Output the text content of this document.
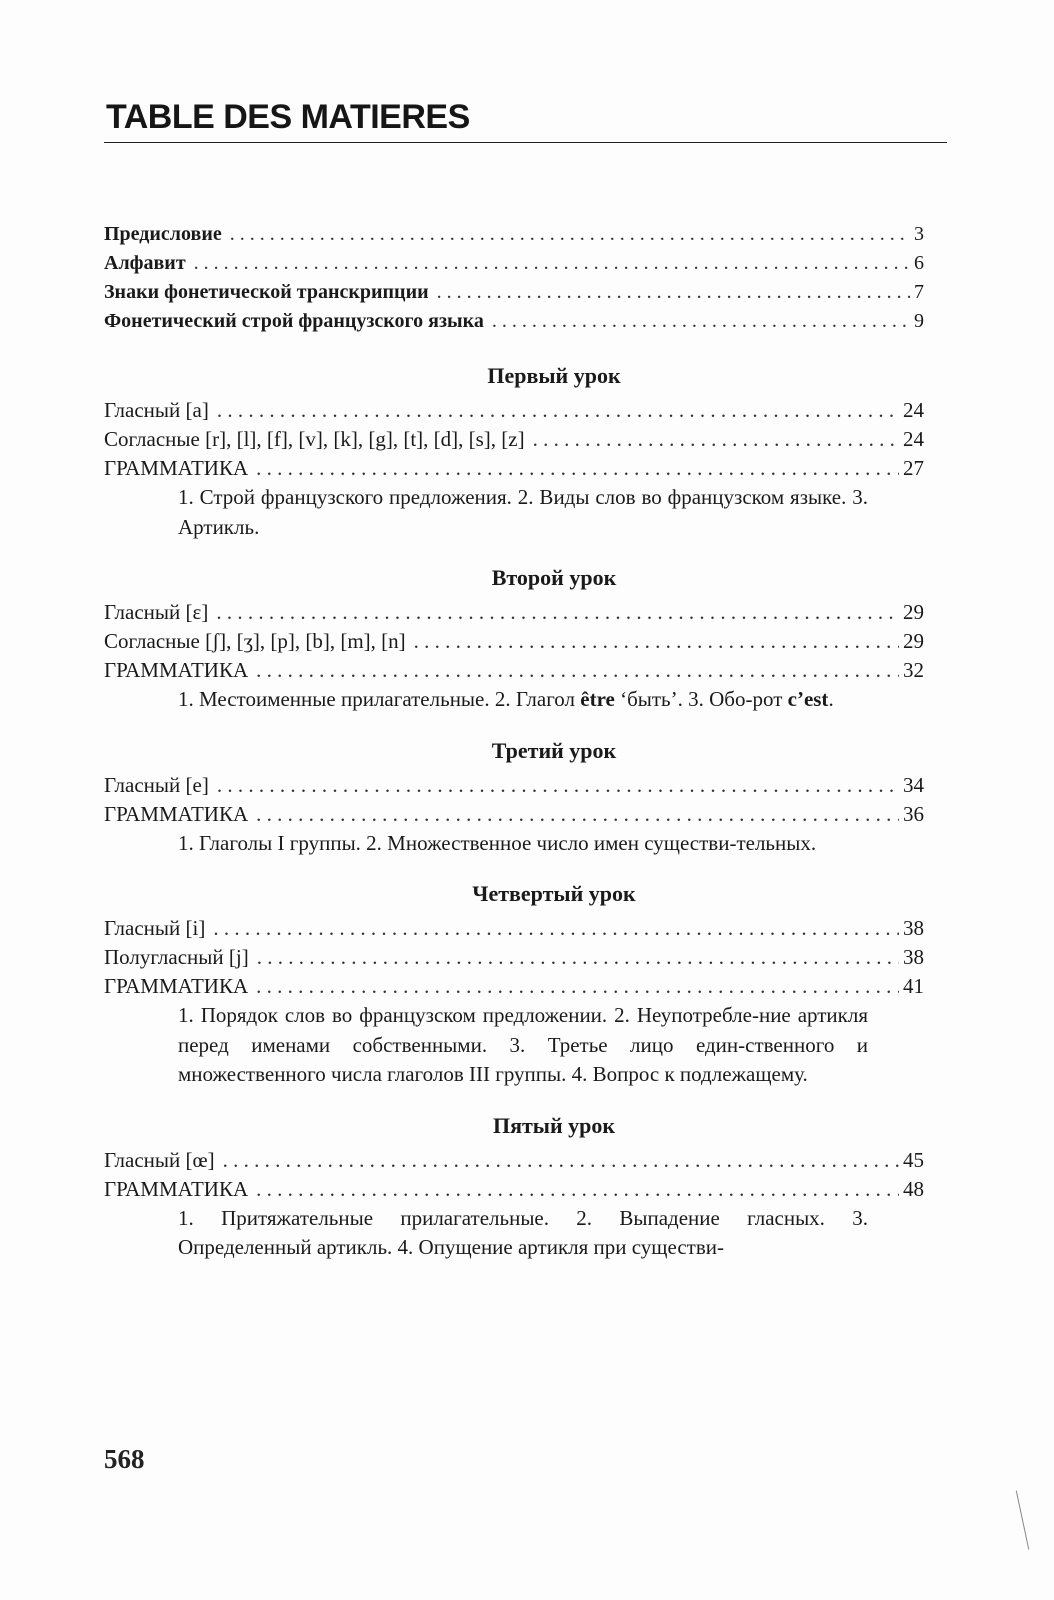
TABLE DES MATIERES
Предисловие . . .	3
Алфавит . . .	6
Знаки фонетической транскрипции . . .	7
Фонетический строй французского языка . . .	9
Первый урок
Гласный [a] . . .	24
Согласные [r], [l], [f], [v], [k], [g], [t], [d], [s], [z] . . .	24
ГРАММАТИКА . . .	27
1. Строй французского предложения. 2. Виды слов во французском языке. 3. Артикль.
Второй урок
Гласный [ɛ] . . .	29
Согласные [ʃ], [ʒ], [p], [b], [m], [n] . . .	29
ГРАММАТИКА . . .	32
1. Местоименные прилагательные. 2. Глагол être ‘быть’. 3. Обо-рот c’est.
Третий урок
Гласный [e] . . .	34
ГРАММАТИКА . . .	36
1. Глаголы I группы. 2. Множественное число имен существи-тельных.
Четвертый урок
Гласный [i] . . .	38
Полугласный [j] . . .	38
ГРАММАТИКА . . .	41
1. Порядок слов во французском предложении. 2. Неупотребле-ние артикля перед именами собственными. 3. Третье лицо един-ственного и множественного числа глаголов III группы. 4. Вопрос к подлежащему.
Пятый урок
Гласный [œ] . . .	45
ГРАММАТИКА . . .	48
1. Притяжательные прилагательные. 2. Выпадение гласных. 3. Определенный артикль. 4. Опущение артикля при существи-
568
